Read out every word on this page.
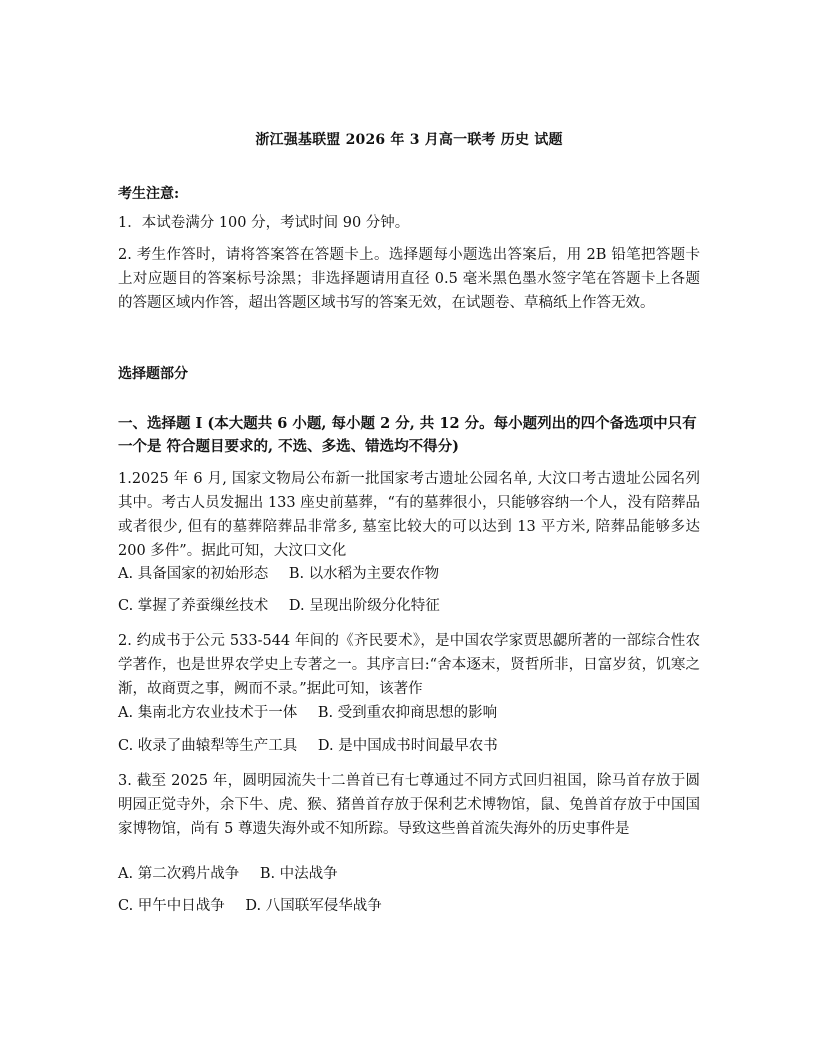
浙江强基联盟 2026 年 3 月高一联考 历史 试题
考生注意:
1．本试卷满分 100 分，考试时间 90 分钟。
2. 考生作答时，请将答案答在答题卡上。选择题每小题选出答案后，用 2B 铅笔把答题卡上对应题目的答案标号涂黑；非选择题请用直径 0.5 毫米黑色墨水签字笔在答题卡上各题的答题区域内作答，超出答题区域书写的答案无效，在试题卷、草稿纸上作答无效。
选择题部分
一、选择题 I (本大题共 6 小题, 每小题 2 分, 共 12 分。每小题列出的四个备选项中只有一个是 符合题目要求的, 不选、多选、错选均不得分)
1.2025 年 6 月, 国家文物局公布新一批国家考古遗址公园名单, 大汶口考古遗址公园名列其中。考古人员发掘出 133 座史前墓葬，“有的墓葬很小，只能够容纳一个人，没有陪葬品或者很少, 但有的墓葬陪葬品非常多, 墓室比较大的可以达到 13 平方米, 陪葬品能够多达 200 多件”。据此可知，大汶口文化
A. 具备国家的初始形态 B. 以水稻为主要农作物
C. 掌握了养蚕缫丝技术 D. 呈现出阶级分化特征
2. 约成书于公元 533-544 年间的《齐民要术》，是中国农学家贾思勰所著的一部综合性农学著作，也是世界农学史上专著之一。其序言曰:“舍本逐末，贤哲所非，日富岁贫，饥寒之渐，故商贾之事，阙而不录。”据此可知，该著作
A. 集南北方农业技术于一体 B. 受到重农抑商思想的影响
C. 收录了曲辕犁等生产工具 D. 是中国成书时间最早农书
3. 截至 2025 年，圆明园流失十二兽首已有七尊通过不同方式回归祖国，除马首存放于圆明园正觉寺外，余下牛、虎、猴、猪兽首存放于保利艺术博物馆，鼠、兔兽首存放于中国国家博物馆，尚有 5 尊遗失海外或不知所踪。导致这些兽首流失海外的历史事件是
A. 第二次鸦片战争 B. 中法战争
C. 甲午中日战争 D. 八国联军侵华战争
